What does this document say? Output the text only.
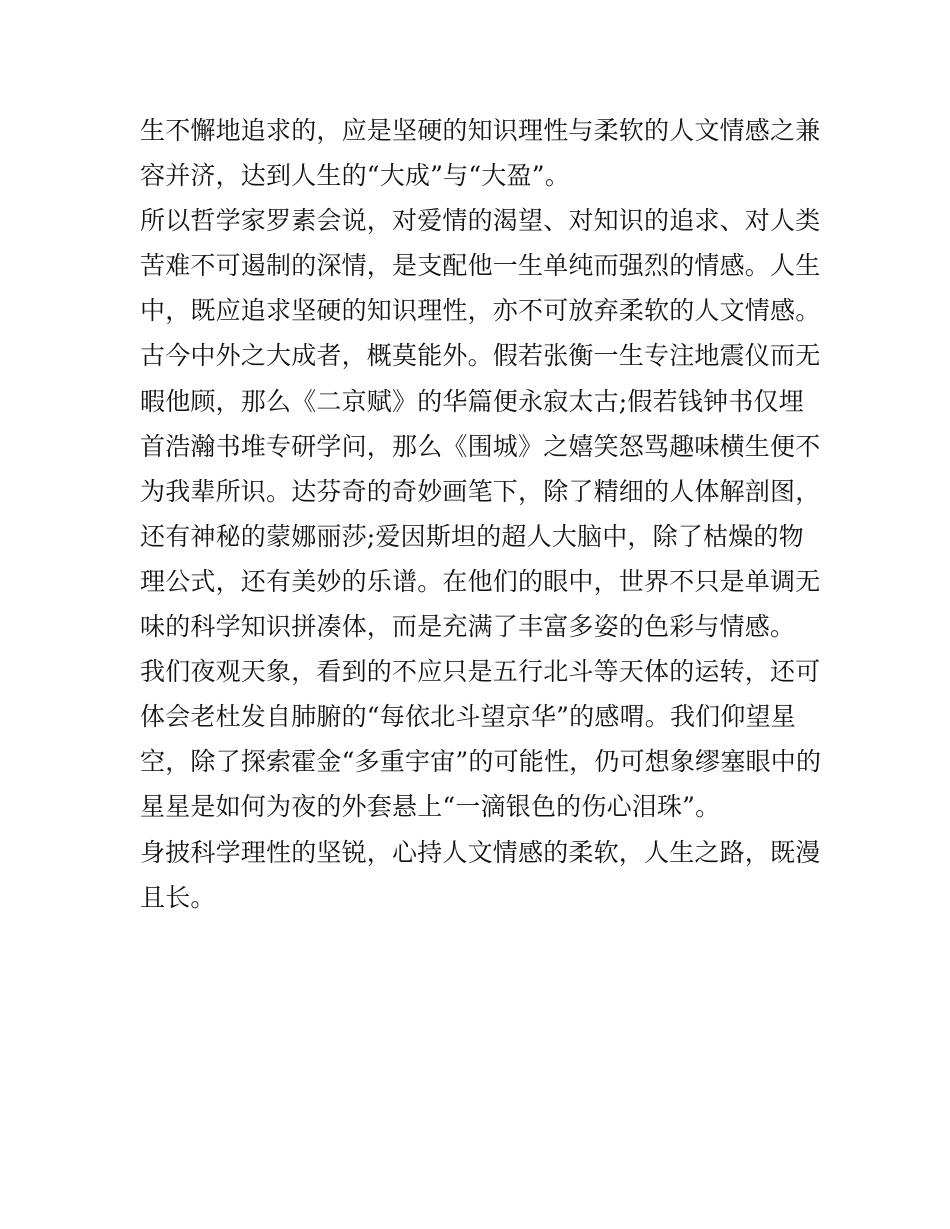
生不懈地追求的，应是坚硬的知识理性与柔软的人文情感之兼
容并济，达到人生的“大成”与“大盈”。
所以哲学家罗素会说，对爱情的渴望、对知识的追求、对人类
苦难不可遏制的深情，是支配他一生单纯而强烈的情感。人生
中，既应追求坚硬的知识理性，亦不可放弃柔软的人文情感。
古今中外之大成者，概莫能外。假若张衡一生专注地震仪而无
暇他顾，那么《二京赋》的华篇便永寂太古;假若钱钟书仅埋
首浩瀚书堆专研学问，那么《围城》之嬉笑怒骂趣味横生便不
为我辈所识。达芬奇的奇妙画笔下，除了精细的人体解剖图，
还有神秘的蒙娜丽莎;爱因斯坦的超人大脑中，除了枯燥的物
理公式，还有美妙的乐谱。在他们的眼中，世界不只是单调无
味的科学知识拼凑体，而是充满了丰富多姿的色彩与情感。
我们夜观天象，看到的不应只是五行北斗等天体的运转，还可
体会老杜发自肺腑的“每依北斗望京华”的感喟。我们仰望星
空，除了探索霍金“多重宇宙”的可能性，仍可想象缪塞眼中的
星星是如何为夜的外套悬上“一滴银色的伤心泪珠”。
身披科学理性的坚锐，心持人文情感的柔软，人生之路，既漫
且长。
